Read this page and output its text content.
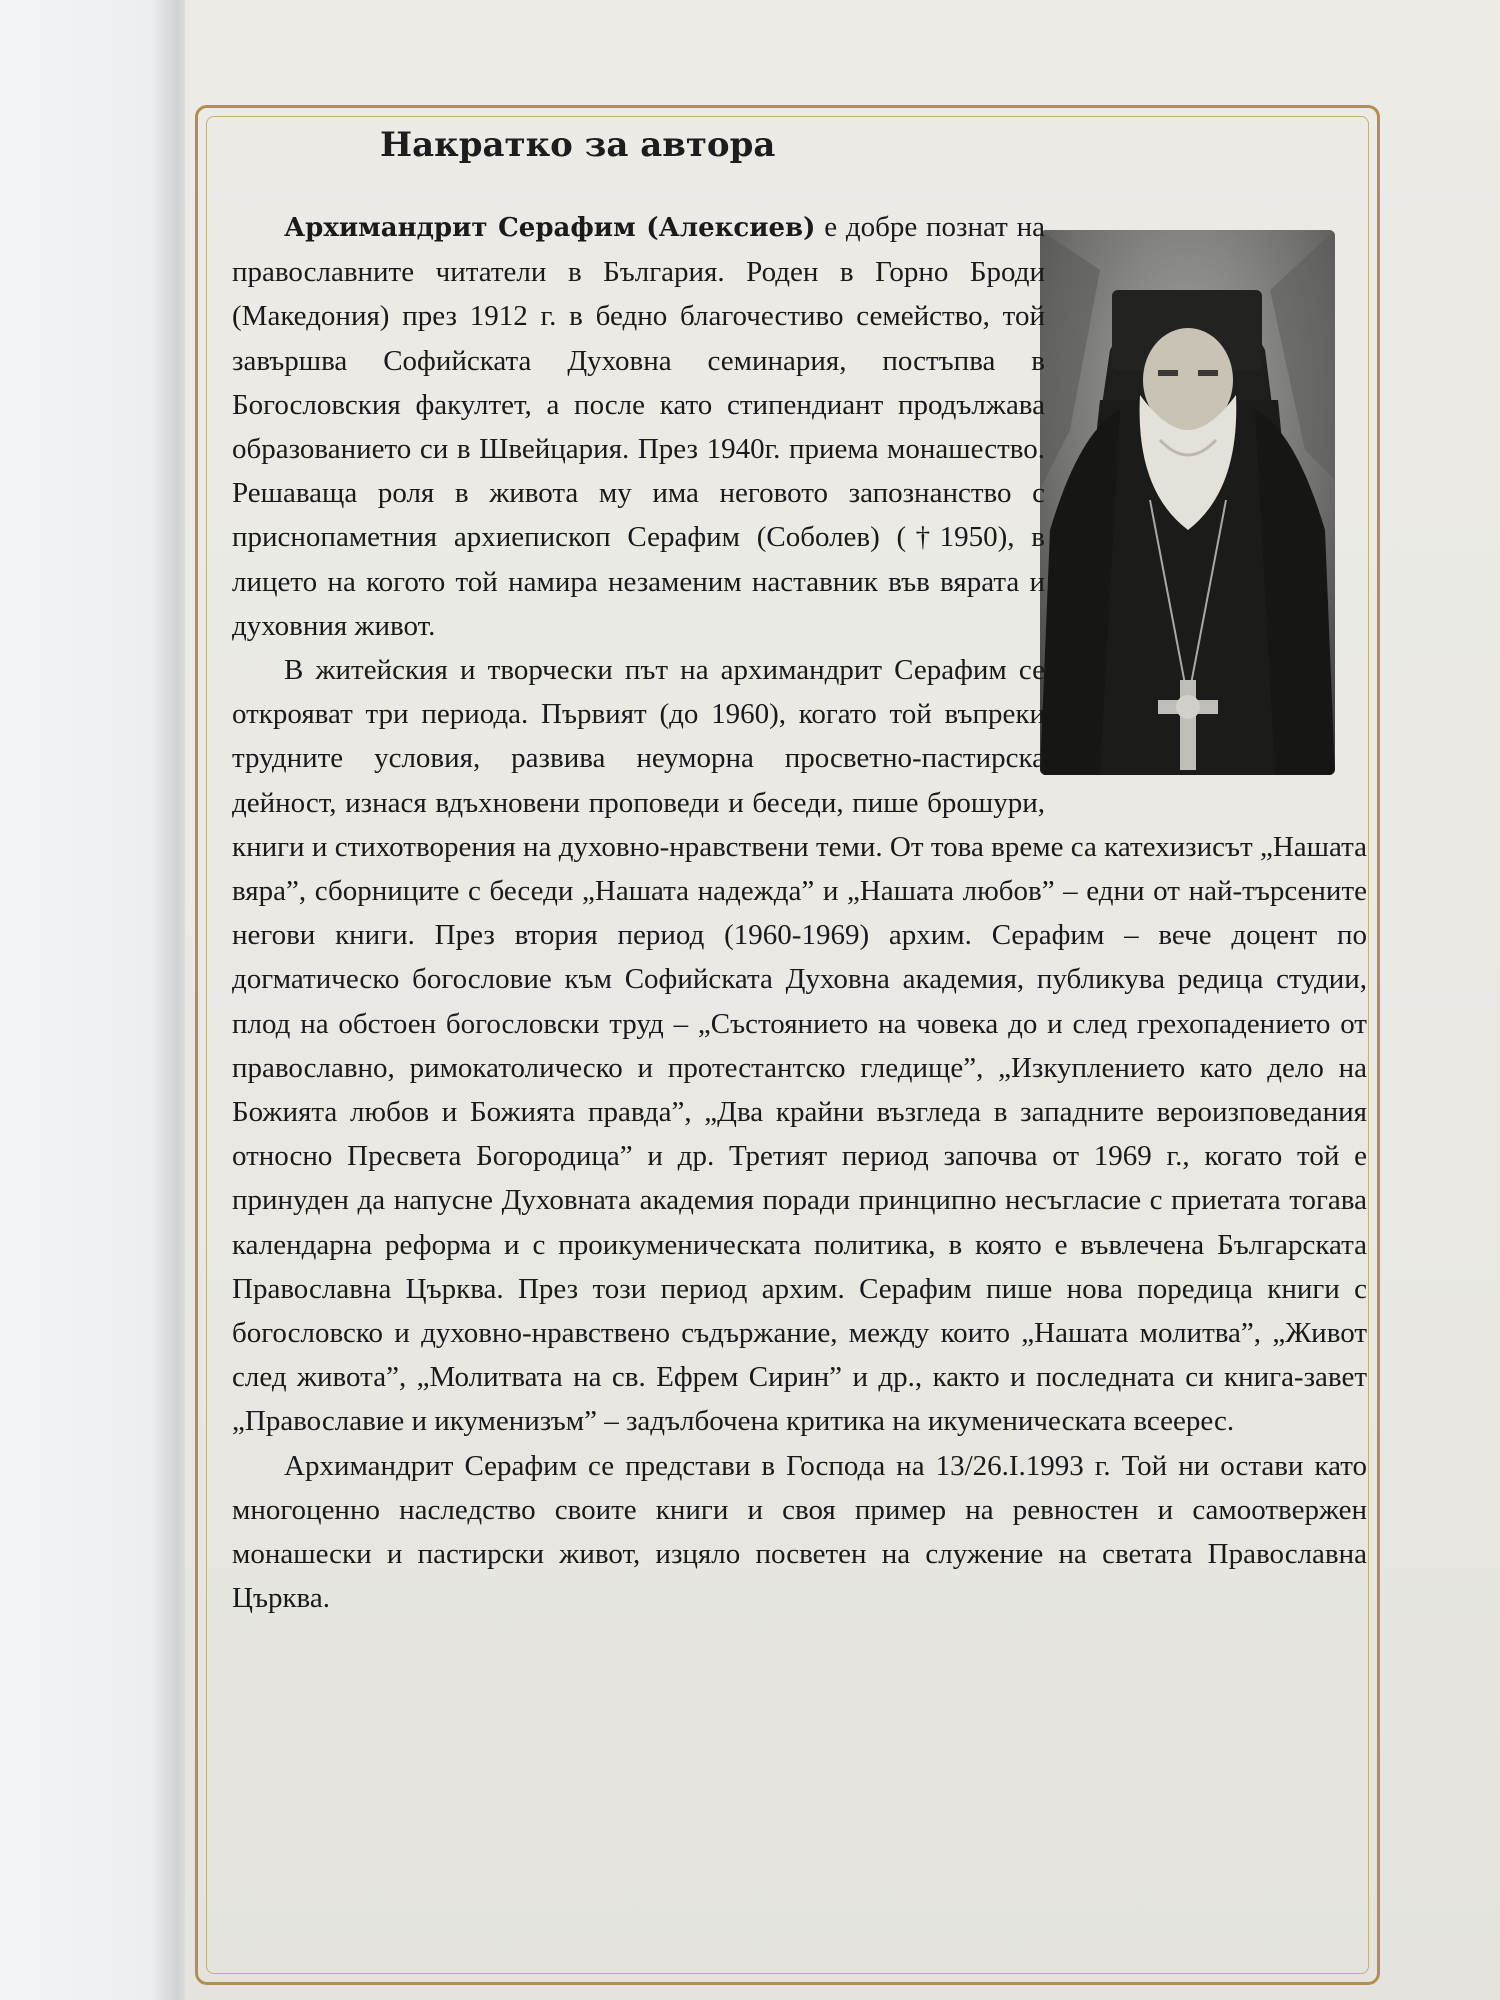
Накратко за автора

Архимандрит Серафим (Алексиев) е добре познат на православните читатели в България. Роден в Горно Броди (Македония) през 1912 г. в бедно благочестиво семейство, той завършва Софийската Духовна семинария, постъпва в Богословския факултет, а после като стипендиант продължава образованието си в Швейцария. През 1940г. приема монашество. Решаваща роля в живота му има неговото запознанство с приснопаметния архиепископ Серафим (Соболев) (†1950), в лицето на когото той намира незаменим наставник във вярата и духовния живот.

В житейския и творчески път на архимандрит Серафим се открояват три периода. Първият (до 1960), когато той въпреки трудните условия, развива неуморна просветно-пастирска дейност, изнася вдъхновени проповеди и беседи, пише брошури, книги и стихотворения на духовно-нравствени теми. От това време са катехизисът „Нашата вяра”, сборниците с беседи „Нашата надежда” и „Нашата любов” – едни от най-търсените негови книги. През втория период (1960-1969) архим. Серафим – вече доцент по догматическо богословие към Софийската Духовна академия, публикува редица студии, плод на обстоен богословски труд – „Състоянието на човека до и след грехопадението от православно, римокатолическо и протестантско гледище”, „Изкуплението като дело на Божията любов и Божията правда”, „Два крайни възгледа в западните вероизповедания относно Пресвета Богородица” и др. Третият период започва от 1969 г., когато той е принуден да напусне Духовната академия поради принципно несъгласие с приетата тогава календарна реформа и с проикуменическата политика, в която е въвлечена Българската Православна Църква. През този период архим. Серафим пише нова поредица книги с богословско и духовно-нравствено съдържание, между които „Нашата молитва”, „Живот след живота”, „Молитвата на св. Ефрем Сирин” и др., както и последната си книга-завет „Православие и икуменизъм” – задълбочена критика на икуменическата всеерес.

Архимандрит Серафим се представи в Господа на 13/26.I.1993 г. Той ни остави като многоценно наследство своите книги и своя пример на ревностен и самоотвержен монашески и пастирски живот, изцяло посветен на служение на светата Православна Църква.
